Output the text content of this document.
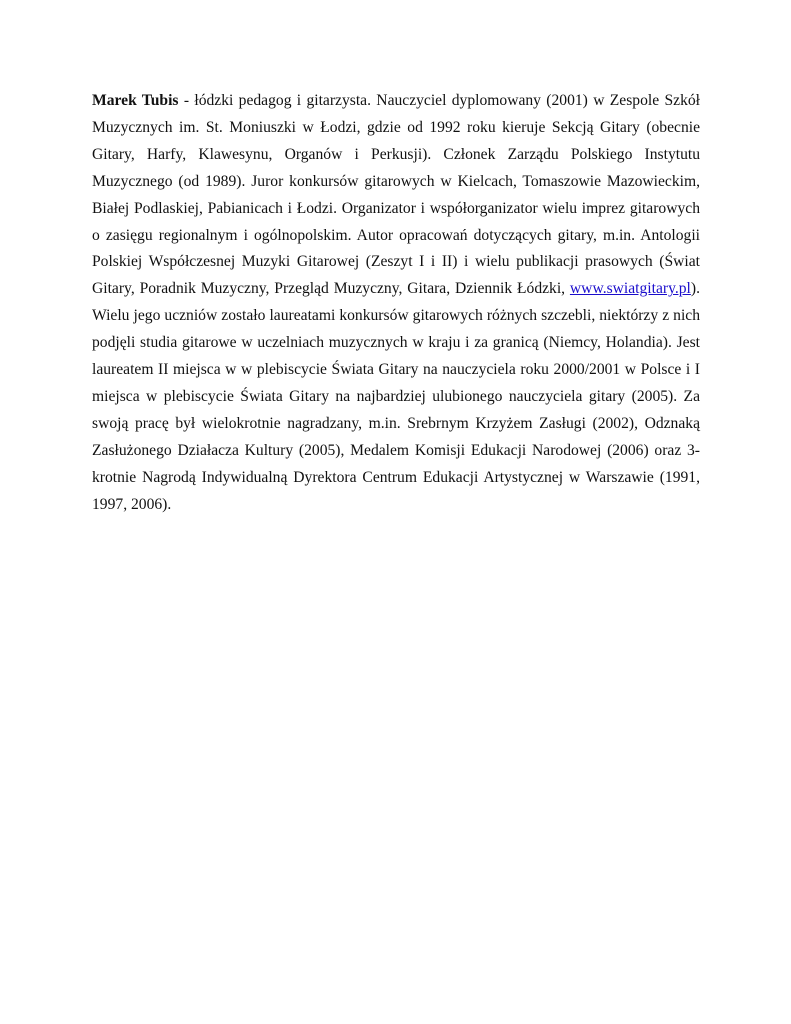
Marek Tubis - łódzki pedagog i gitarzysta. Nauczyciel dyplomowany (2001) w Zespole Szkół Muzycznych im. St. Moniuszki w Łodzi, gdzie od 1992 roku kieruje Sekcją Gitary (obecnie Gitary, Harfy, Klawesynu, Organów i Perkusji). Członek Zarządu Polskiego Instytutu Muzycznego (od 1989). Juror konkursów gitarowych w Kielcach, Tomaszowie Mazowieckim, Białej Podlaskiej, Pabianicach i Łodzi. Organizator i współorganizator wielu imprez gitarowych o zasięgu regionalnym i ogólnopolskim. Autor opracowań dotyczących gitary, m.in. Antologii Polskiej Współczesnej Muzyki Gitarowej (Zeszyt I i II) i wielu publikacji prasowych (Świat Gitary, Poradnik Muzyczny, Przegląd Muzyczny, Gitara, Dziennik Łódzki, www.swiatgitary.pl). Wielu jego uczniów zostało laureatami konkursów gitarowych różnych szczebli, niektórzy z nich podjęli studia gitarowe w uczelniach muzycznych w kraju i za granicą (Niemcy, Holandia). Jest laureatem II miejsca w w plebiscycie Świata Gitary na nauczyciela roku 2000/2001 w Polsce i I miejsca w plebiscycie Świata Gitary na najbardziej ulubionego nauczyciela gitary (2005). Za swoją pracę był wielokrotnie nagradzany, m.in. Srebrnym Krzyżem Zasługi (2002), Odznaką Zasłużonego Działacza Kultury (2005), Medalem Komisji Edukacji Narodowej (2006) oraz 3-krotnie Nagrodą Indywidualną Dyrektora Centrum Edukacji Artystycznej w Warszawie (1991, 1997, 2006).
